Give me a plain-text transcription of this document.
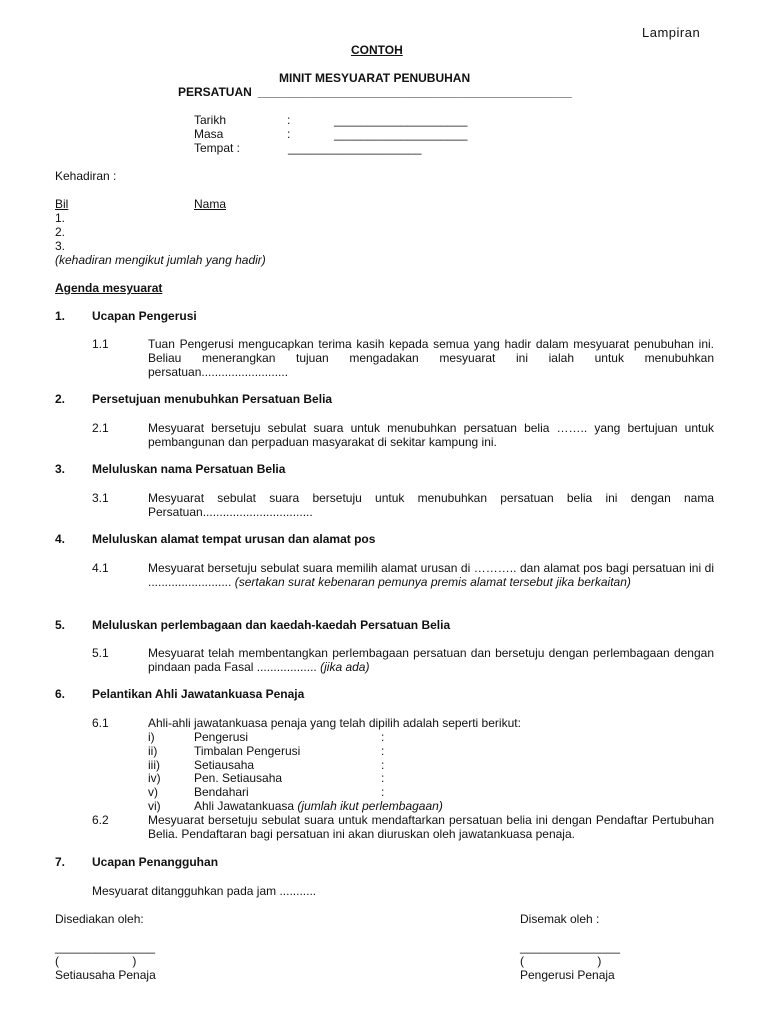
Lampiran
CONTOH
MINIT MESYUARAT PENUBUHAN
PERSATUAN _______________________________________________
Tarikh	:	____________________
Masa	:	____________________
Tempat :	____________________
Kehadiran :
Bil	Nama
1.
2.
3.
(kehadiran mengikut jumlah yang hadir)
Agenda mesyuarat
1. Ucapan Pengerusi
1.1	Tuan Pengerusi mengucapkan terima kasih kepada semua yang hadir dalam mesyuarat penubuhan ini. Beliau menerangkan tujuan mengadakan mesyuarat ini ialah untuk menubuhkan persatuan..........................
2. Persetujuan menubuhkan Persatuan Belia
2.1	Mesyuarat bersetuju sebulat suara untuk menubuhkan persatuan belia …….. yang bertujuan untuk pembangunan dan perpaduan masyarakat di sekitar kampung ini.
3. Meluluskan nama Persatuan Belia
3.1	Mesyuarat sebulat suara bersetuju untuk menubuhkan persatuan belia ini dengan nama Persatuan.................................
4. Meluluskan alamat tempat urusan dan alamat pos
4.1	Mesyuarat bersetuju sebulat suara memilih alamat urusan di ……….. dan alamat pos bagi persatuan ini di ......................... (sertakan surat kebenaran pemunya premis alamat tersebut jika berkaitan)
5. Meluluskan perlembagaan dan kaedah-kaedah Persatuan Belia
5.1	Mesyuarat telah membentangkan perlembagaan persatuan dan bersetuju dengan perlembagaan dengan pindaan pada Fasal .................. (jika ada)
6. Pelantikan Ahli Jawatankuasa Penaja
6.1	Ahli-ahli jawatankuasa penaja yang telah dipilih adalah seperti berikut:
i)	Pengerusi	:
ii)	Timbalan Pengerusi	:
iii)	Setiausaha	:
iv)	Pen. Setiausaha	:
v)	Bendahari	:
vi)	Ahli Jawatankuasa (jumlah ikut perlembagaan)
6.2	Mesyuarat bersetuju sebulat suara untuk mendaftarkan persatuan belia ini dengan Pendaftar Pertubuhan Belia. Pendaftaran bagi persatuan ini akan diuruskan oleh jawatankuasa penaja.
7. Ucapan Penangguhan
Mesyuarat ditangguhkan pada jam ...........
Disediakan oleh:	Disemak oleh :
_______________	_______________
(                      )	(                      )
Setiausaha Penaja	Pengerusi Penaja
